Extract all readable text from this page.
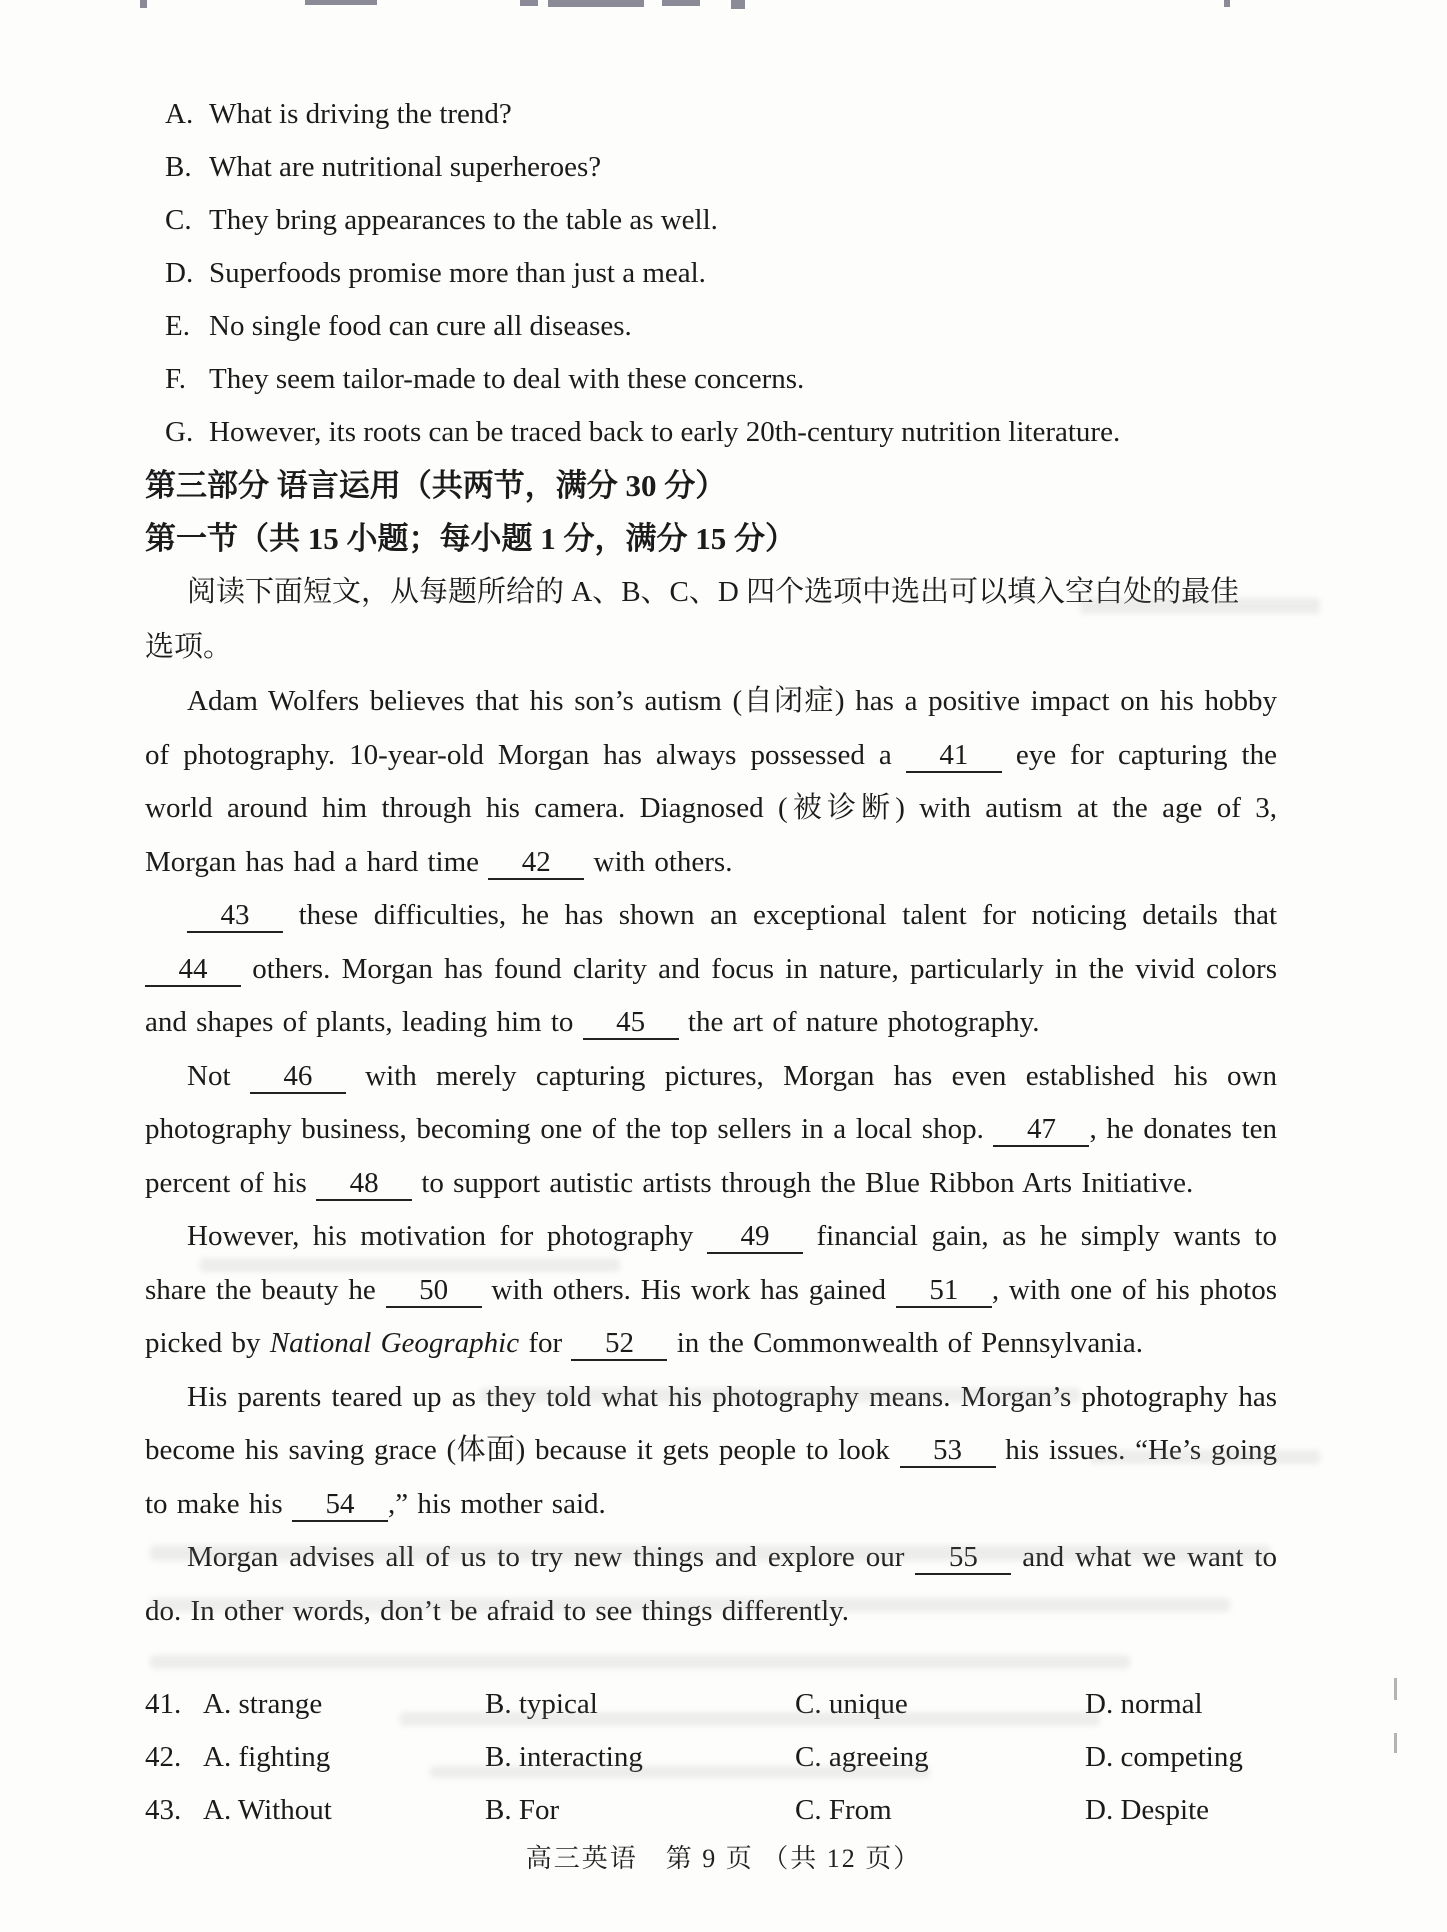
A. What is driving the trend?
B. What are nutritional superheroes?
C. They bring appearances to the table as well.
D. Superfoods promise more than just a meal.
E. No single food can cure all diseases.
F. They seem tailor-made to deal with these concerns.
G. However, its roots can be traced back to early 20th-century nutrition literature.
第三部分 语言运用（共两节，满分 30 分）
第一节（共 15 小题；每小题 1 分，满分 15 分）

阅读下面短文，从每题所给的 A、B、C、D 四个选项中选出可以填入空白处的最佳

选项。

Adam Wolfers believes that his son’s autism (自闭症) has a positive impact on his hobby of photography. 10-year-old Morgan has always possessed a 41 eye for capturing the world around him through his camera. Diagnosed (被诊断) with autism at the age of 3, Morgan has had a hard time 42 with others.

43 these difficulties, he has shown an exceptional talent for noticing details that 44 others. Morgan has found clarity and focus in nature, particularly in the vivid colors and shapes of plants, leading him to 45 the art of nature photography.

Not 46 with merely capturing pictures, Morgan has even established his own photography business, becoming one of the top sellers in a local shop. 47 , he donates ten percent of his 48 to support autistic artists through the Blue Ribbon Arts Initiative.

However, his motivation for photography 49 financial gain, as he simply wants to share the beauty he 50 with others. His work has gained 51 , with one of his photos picked by National Geographic for 52 in the Commonwealth of Pennsylvania.

His parents teared up as they told what his photography means. Morgan’s photography has become his saving grace (体面) because it gets people to look 53 his issues. “He’s going to make his 54 ,” his mother said.

Morgan advises all of us to try new things and explore our 55 and what we want to do. In other words, don’t be afraid to see things differently.

41. A. strange	B. typical	C. unique	D. normal
42. A. fighting	B. interacting	C. agreeing	D. competing
43. A. Without	B. For	C. From	D. Despite
高三英语　第 9 页 （共 12 页）
